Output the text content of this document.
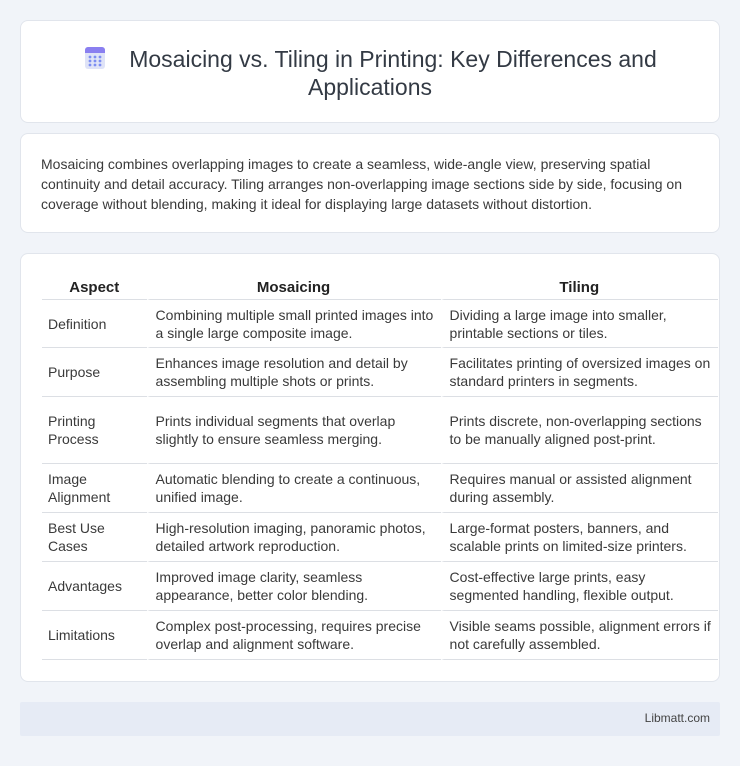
Mosaicing vs. Tiling in Printing: Key Differences and Applications

Mosaicing combines overlapping images to create a seamless, wide-angle view, preserving spatial continuity and detail accuracy. Tiling arranges non-overlapping image sections side by side, focusing on coverage without blending, making it ideal for displaying large datasets without distortion.

Aspect	Mosaicing	Tiling
Definition	Combining multiple small printed images into a single large composite image.	Dividing a large image into smaller, printable sections or tiles.
Purpose	Enhances image resolution and detail by assembling multiple shots or prints.	Facilitates printing of oversized images on standard printers in segments.
Printing Process	Prints individual segments that overlap slightly to ensure seamless merging.	Prints discrete, non-overlapping sections to be manually aligned post-print.
Image Alignment	Automatic blending to create a continuous, unified image.	Requires manual or assisted alignment during assembly.
Best Use Cases	High-resolution imaging, panoramic photos, detailed artwork reproduction.	Large-format posters, banners, and scalable prints on limited-size printers.
Advantages	Improved image clarity, seamless appearance, better color blending.	Cost-effective large prints, easy segmented handling, flexible output.
Limitations	Complex post-processing, requires precise overlap and alignment software.	Visible seams possible, alignment errors if not carefully assembled.
Libmatt.com
